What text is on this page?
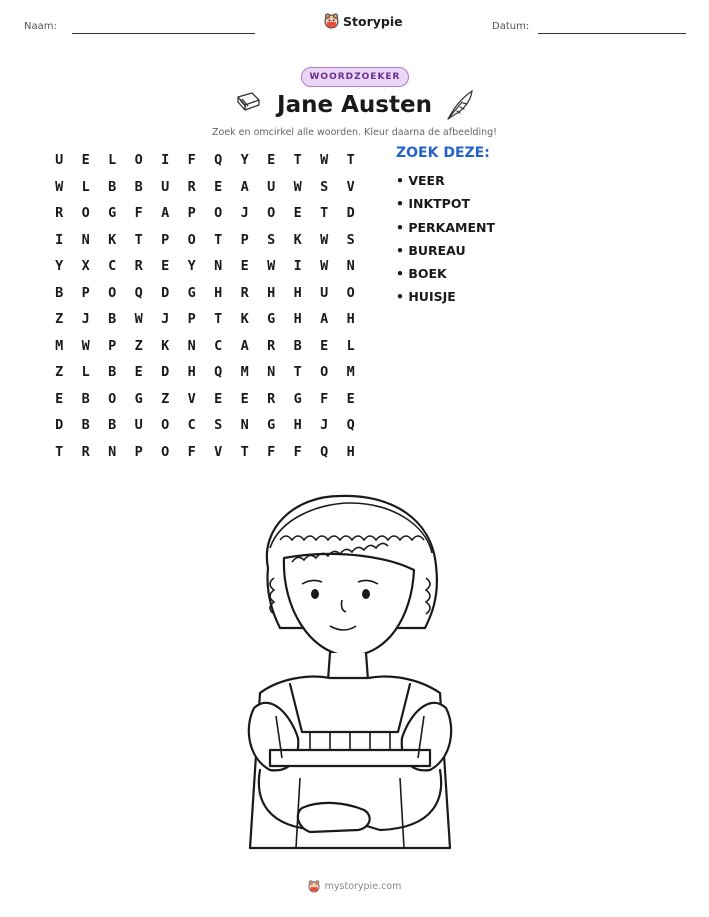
Naam:	Storypie	Datum:
WOORDZOEKER
Jane Austen
Zoek en omcirkel alle woorden. Kleur daarna de afbeelding!
U	E	L	O	I	F	Q	Y	E	T	W	T
W	L	B	B	U	R	E	A	U	W	S	V
R	O	G	F	A	P	O	J	O	E	T	D
I	N	K	T	P	O	T	P	S	K	W	S
Y	X	C	R	E	Y	N	E	W	I	W	N
B	P	O	Q	D	G	H	R	H	H	U	O
Z	J	B	W	J	P	T	K	G	H	A	H
M	W	P	Z	K	N	C	A	R	B	E	L
Z	L	B	E	D	H	Q	M	N	T	O	M
E	B	O	G	Z	V	E	E	R	G	F	E
D	B	B	U	O	C	S	N	G	H	J	Q
T	R	N	P	O	F	V	T	F	F	Q	H
ZOEK DEZE:
• VEER
• INKTPOT
• PERKAMENT
• BUREAU
• BOEK
• HUISJE
mystorypie.com
